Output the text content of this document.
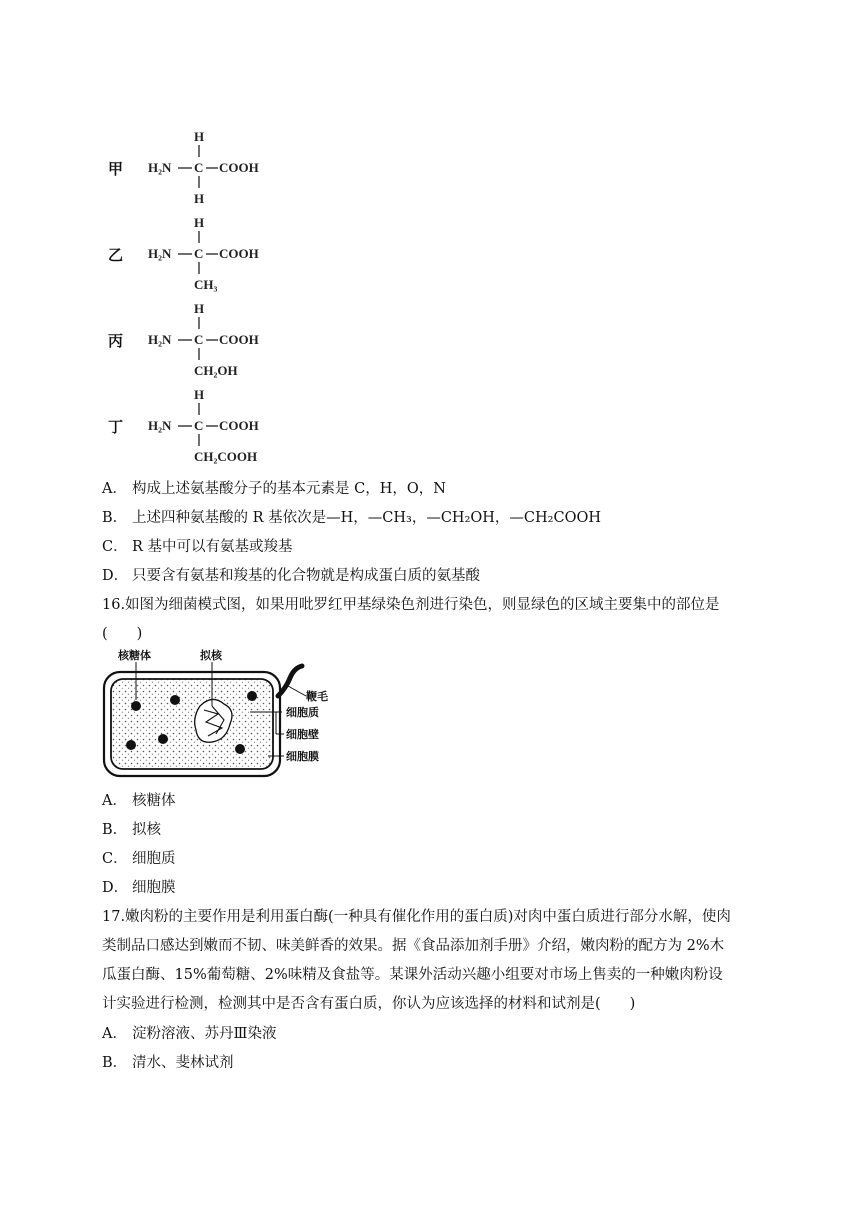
甲
H
H₂N C COOH
H
乙
H
H₂N C COOH
CH₃
丙
H
H₂N C COOH
CH₂OH
丁
H
H₂N C COOH
CH₂COOH
A． 构成上述氨基酸分子的基本元素是 C，H，O，N
B． 上述四种氨基酸的 R 基依次是—H，—CH₃，—CH₂OH，—CH₂COOH
C． R 基中可以有氨基或羧基
D． 只要含有氨基和羧基的化合物就是构成蛋白质的氨基酸
16.如图为细菌模式图，如果用吡罗红甲基绿染色剂进行染色，则显绿色的区域主要集中的部位是
(　　)
核糖体	拟核
鞭毛
细胞质
细胞壁
细胞膜
A． 核糖体
B． 拟核
C． 细胞质
D． 细胞膜
17.嫩肉粉的主要作用是利用蛋白酶(一种具有催化作用的蛋白质)对肉中蛋白质进行部分水解，使肉
类制品口感达到嫩而不韧、味美鲜香的效果。据《食品添加剂手册》介绍，嫩肉粉的配方为 2%木
瓜蛋白酶、15%葡萄糖、2%味精及食盐等。某课外活动兴趣小组要对市场上售卖的一种嫩肉粉设
计实验进行检测，检测其中是否含有蛋白质，你认为应该选择的材料和试剂是(　　)
A． 淀粉溶液、苏丹Ⅲ染液
B． 清水、斐林试剂
